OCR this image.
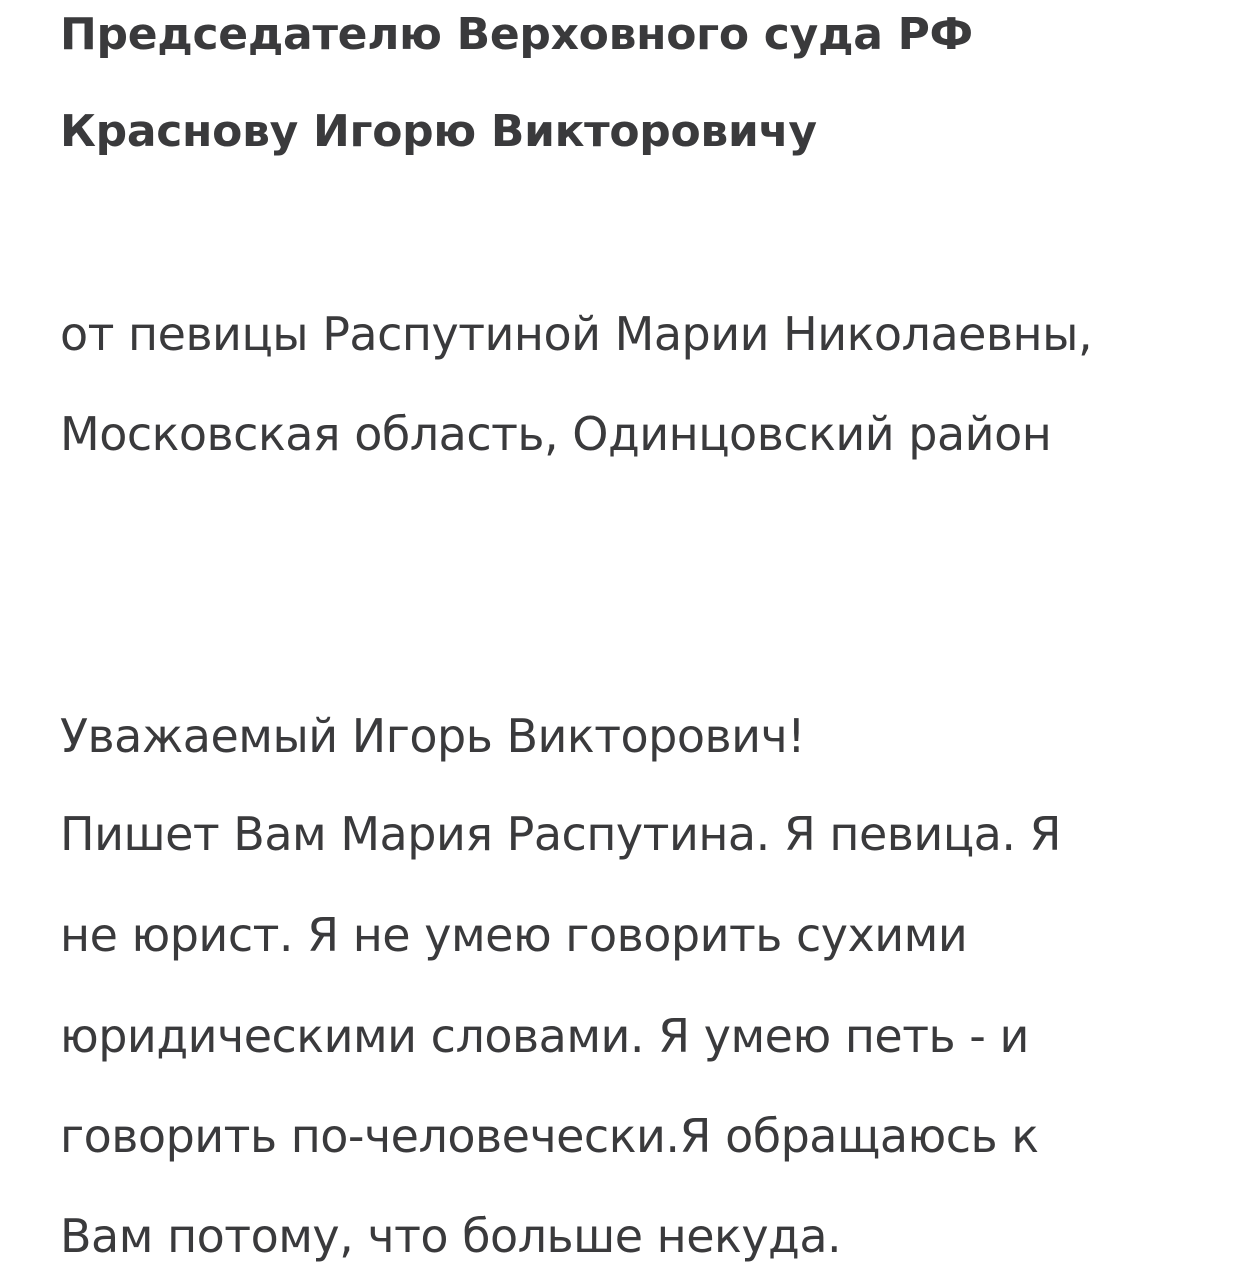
Председателю Верховного суда РФ
Краснову Игорю Викторовичу
от певицы Распутиной Марии Николаевны,
Московская область, Одинцовский район
Уважаемый Игорь Викторович!
Пишет Вам Мария Распутина. Я певица. Я
не юрист. Я не умею говорить сухими
юридическими словами. Я умею петь - и
говорить по-человечески.Я обращаюсь к
Вам потому, что больше некуда.
